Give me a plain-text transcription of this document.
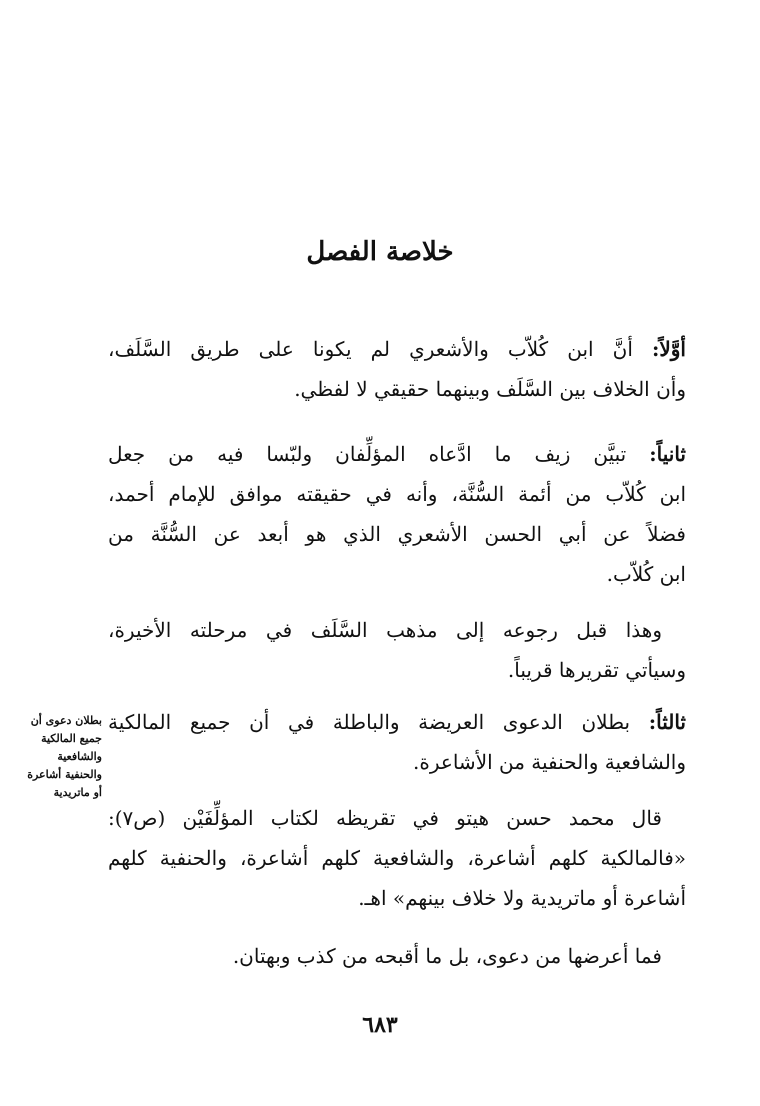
خلاصة الفصل
أوَّلاً: أنَّ ابن كُلاّب والأشعري لم يكونا على طريق السَّلَف،
وأن الخلاف بين السَّلَف وبينهما حقيقي لا لفظي.
ثانياً: تبيَّن زيف ما ادَّعاه المؤلِّفان ولبّسا فيه من جعل
ابن كُلاّب من أئمة السُّنَّة، وأنه في حقيقته موافق للإمام أحمد،
فضلاً عن أبي الحسن الأشعري الذي هو أبعد عن السُّنَّة من
ابن كُلاّب.
وهذا قبل رجوعه إلى مذهب السَّلَف في مرحلته الأخيرة،
وسيأتي تقريرها قريباً.
ثالثاً: بطلان الدعوى العريضة والباطلة في أن جميع المالكية
والشافعية والحنفية من الأشاعرة.
قال محمد حسن هيتو في تقريظه لكتاب المؤلِّفَيْن (ص٧):
«فالمالكية كلهم أشاعرة، والشافعية كلهم أشاعرة، والحنفية كلهم
أشاعرة أو ماتريدية ولا خلاف بينهم» اهـ.
فما أعرضها من دعوى، بل ما أقبحه من كذب وبهتان.
بطلان دعوى أن
جميع المالكية
والشافعية
والحنفية أشاعرة
أو ماتريدية
٦٨٣
